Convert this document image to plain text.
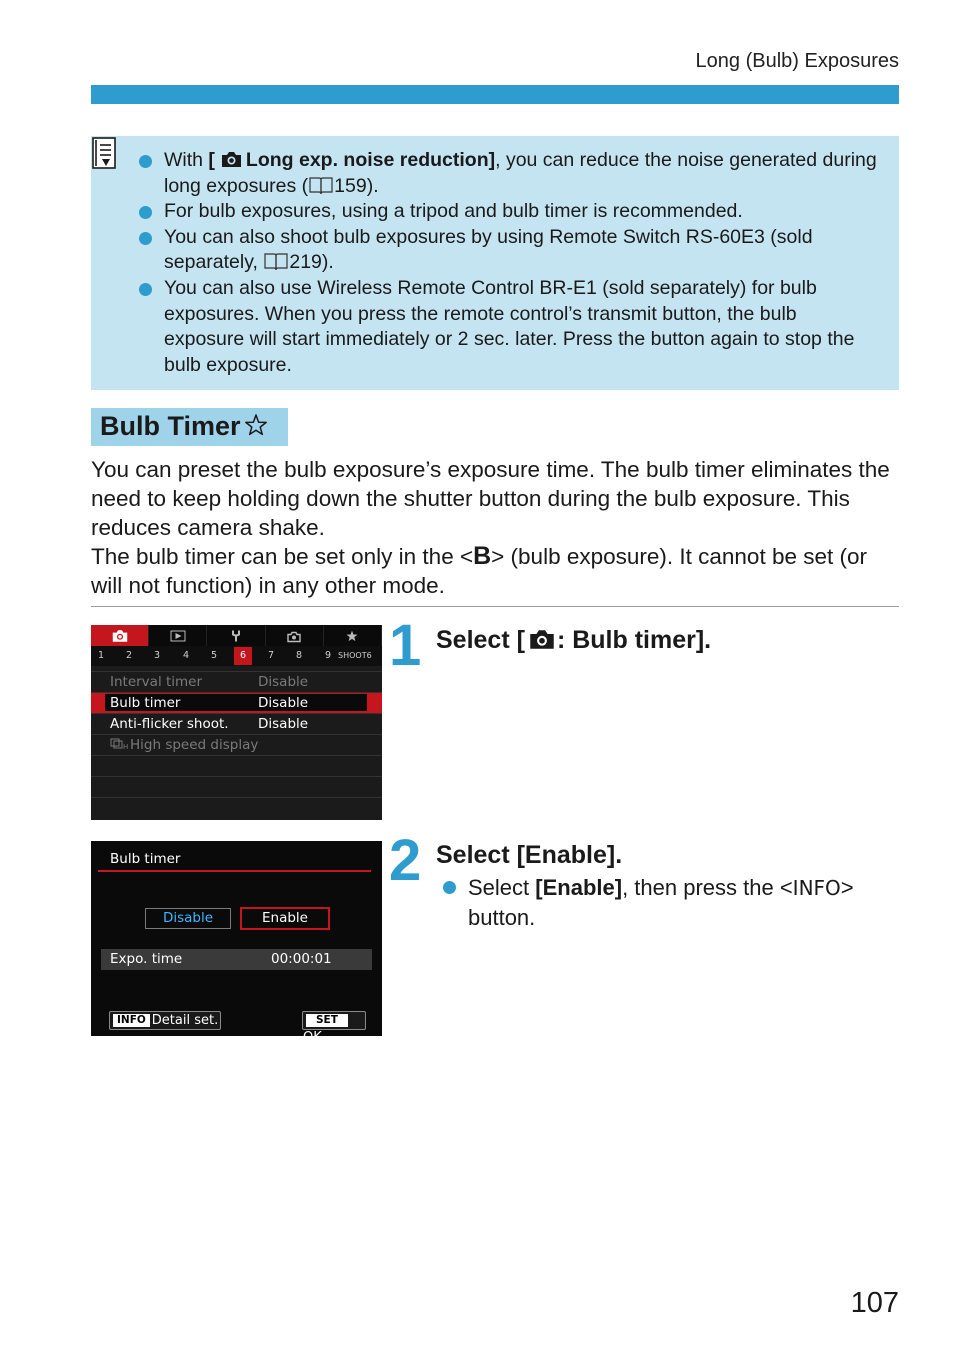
Long (Bulb) Exposures
With [ Long exp. noise reduction], you can reduce the noise generated during long exposures ( 159).
For bulb exposures, using a tripod and bulb timer is recommended.
You can also shoot bulb exposures by using Remote Switch RS-60E3 (sold separately, 219).
You can also use Wireless Remote Control BR-E1 (sold separately) for bulb exposures. When you press the remote control’s transmit button, the bulb exposure will start immediately or 2 sec. later. Press the button again to stop the bulb exposure.
Bulb Timer

You can preset the bulb exposure’s exposure time. The bulb timer eliminates the need to keep holding down the shutter button during the bulb exposure. This reduces camera shake.

The bulb timer can be set only in the <B> (bulb exposure). It cannot be set (or will not function) in any other mode.

1 2 3 4 5	6	7 8 9 SHOOT6
Interval timer	Disable
Bulb timer	Disable
Anti-flicker shoot. Disable
H High speed display
1 Select [ : Bulb timer].
Bulb timer
Disable	Enable
Expo. time	00:00:01
INFO Detail set.	SETOK
2 Select [Enable].
Select [Enable], then press the <INFO> button.
107
